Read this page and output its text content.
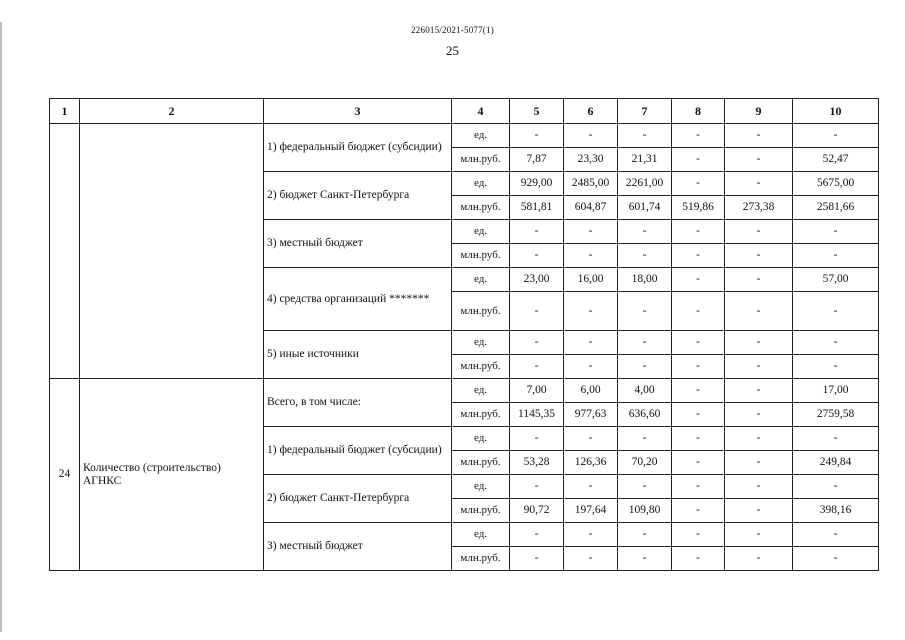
226015/2021-5077(1)
25
1	2	3	4	5	6	7	8	9	10
		1) федеральный бюджет (субсидии)	ед.	-	-	-	-	-	-
			млн.руб.	7,87	23,30	21,31	-	-	52,47
		2) бюджет Санкт-Петербурга	ед.	929,00	2485,00	2261,00	-	-	5675,00
			млн.руб.	581,81	604,87	601,74	519,86	273,38	2581,66
		3) местный бюджет	ед.	-	-	-	-	-	-
			млн.руб.	-	-	-	-	-	-
		4) средства организаций *******	ед.	23,00	16,00	18,00	-	-	57,00
			млн.руб.	-	-	-	-	-	-
		5) иные источники	ед.	-	-	-	-	-	-
			млн.руб.	-	-	-	-	-	-
24	Количество (строительство) АГНКС	Всего, в том числе:	ед.	7,00	6,00	4,00	-	-	17,00
			млн.руб.	1145,35	977,63	636,60	-	-	2759,58
		1) федеральный бюджет (субсидии)	ед.	-	-	-	-	-	-
			млн.руб.	53,28	126,36	70,20	-	-	249,84
		2) бюджет Санкт-Петербурга	ед.	-	-	-	-	-	-
			млн.руб.	90,72	197,64	109,80	-	-	398,16
		3) местный бюджет	ед.	-	-	-	-	-	-
			млн.руб.	-	-	-	-	-	-
